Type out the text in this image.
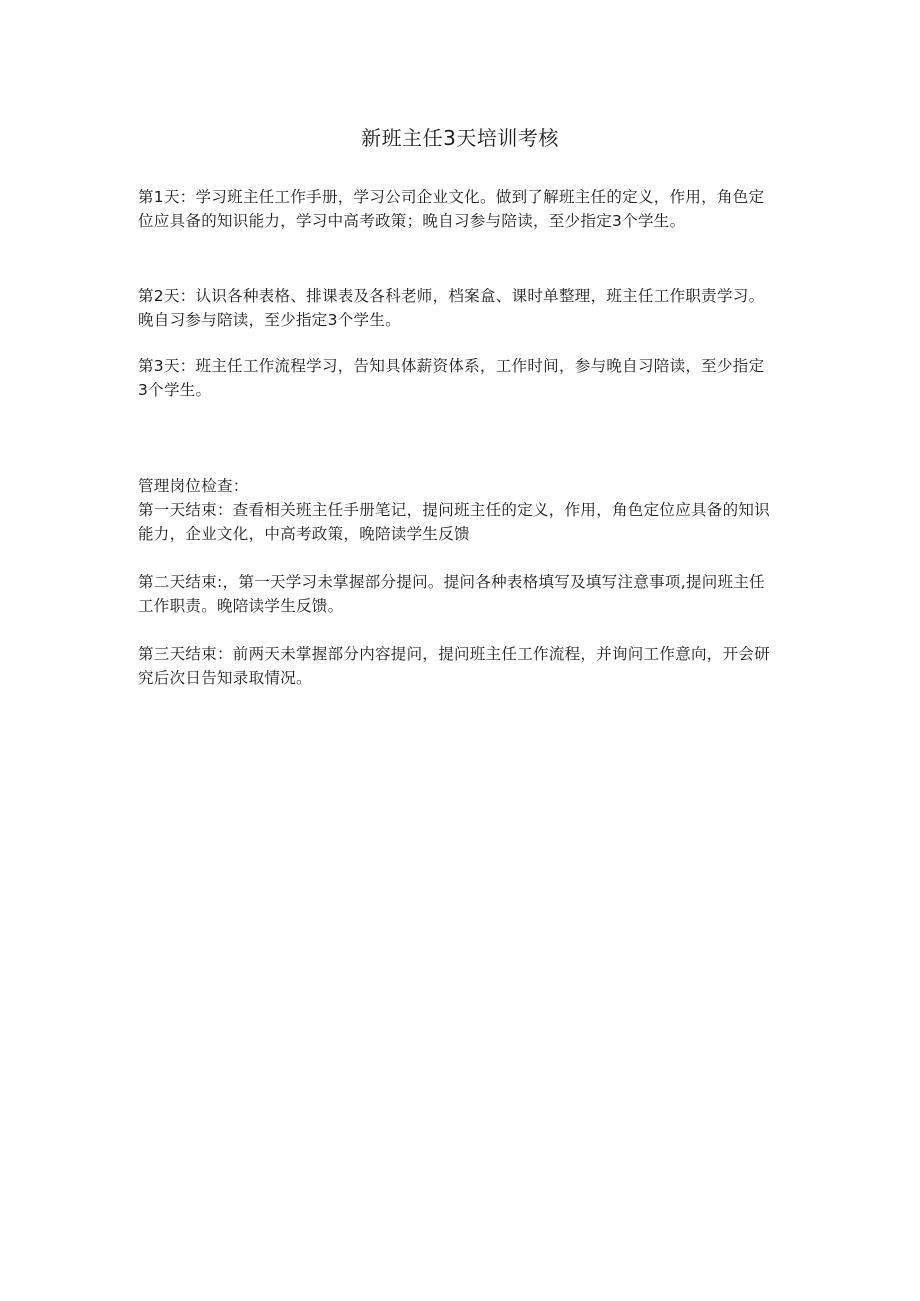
新班主任3天培训考核
第1天：学习班主任工作手册，学习公司企业文化。做到了解班主任的定义，作用，角色定位应具备的知识能力，学习中高考政策；晚自习参与陪读，至少指定3个学生。
第2天：认识各种表格、排课表及各科老师，档案盒、课时单整理，班主任工作职责学习。晚自习参与陪读，至少指定3个学生。
第3天：班主任工作流程学习，告知具体薪资体系，工作时间，参与晚自习陪读，至少指定3个学生。
管理岗位检查：
第一天结束：查看相关班主任手册笔记，提问班主任的定义，作用，角色定位应具备的知识能力，企业文化，中高考政策，晚陪读学生反馈
第二天结束:，第一天学习未掌握部分提问。提问各种表格填写及填写注意事项,提问班主任工作职责。晚陪读学生反馈。
第三天结束：前两天未掌握部分内容提问，提问班主任工作流程，并询问工作意向，开会研究后次日告知录取情况。
